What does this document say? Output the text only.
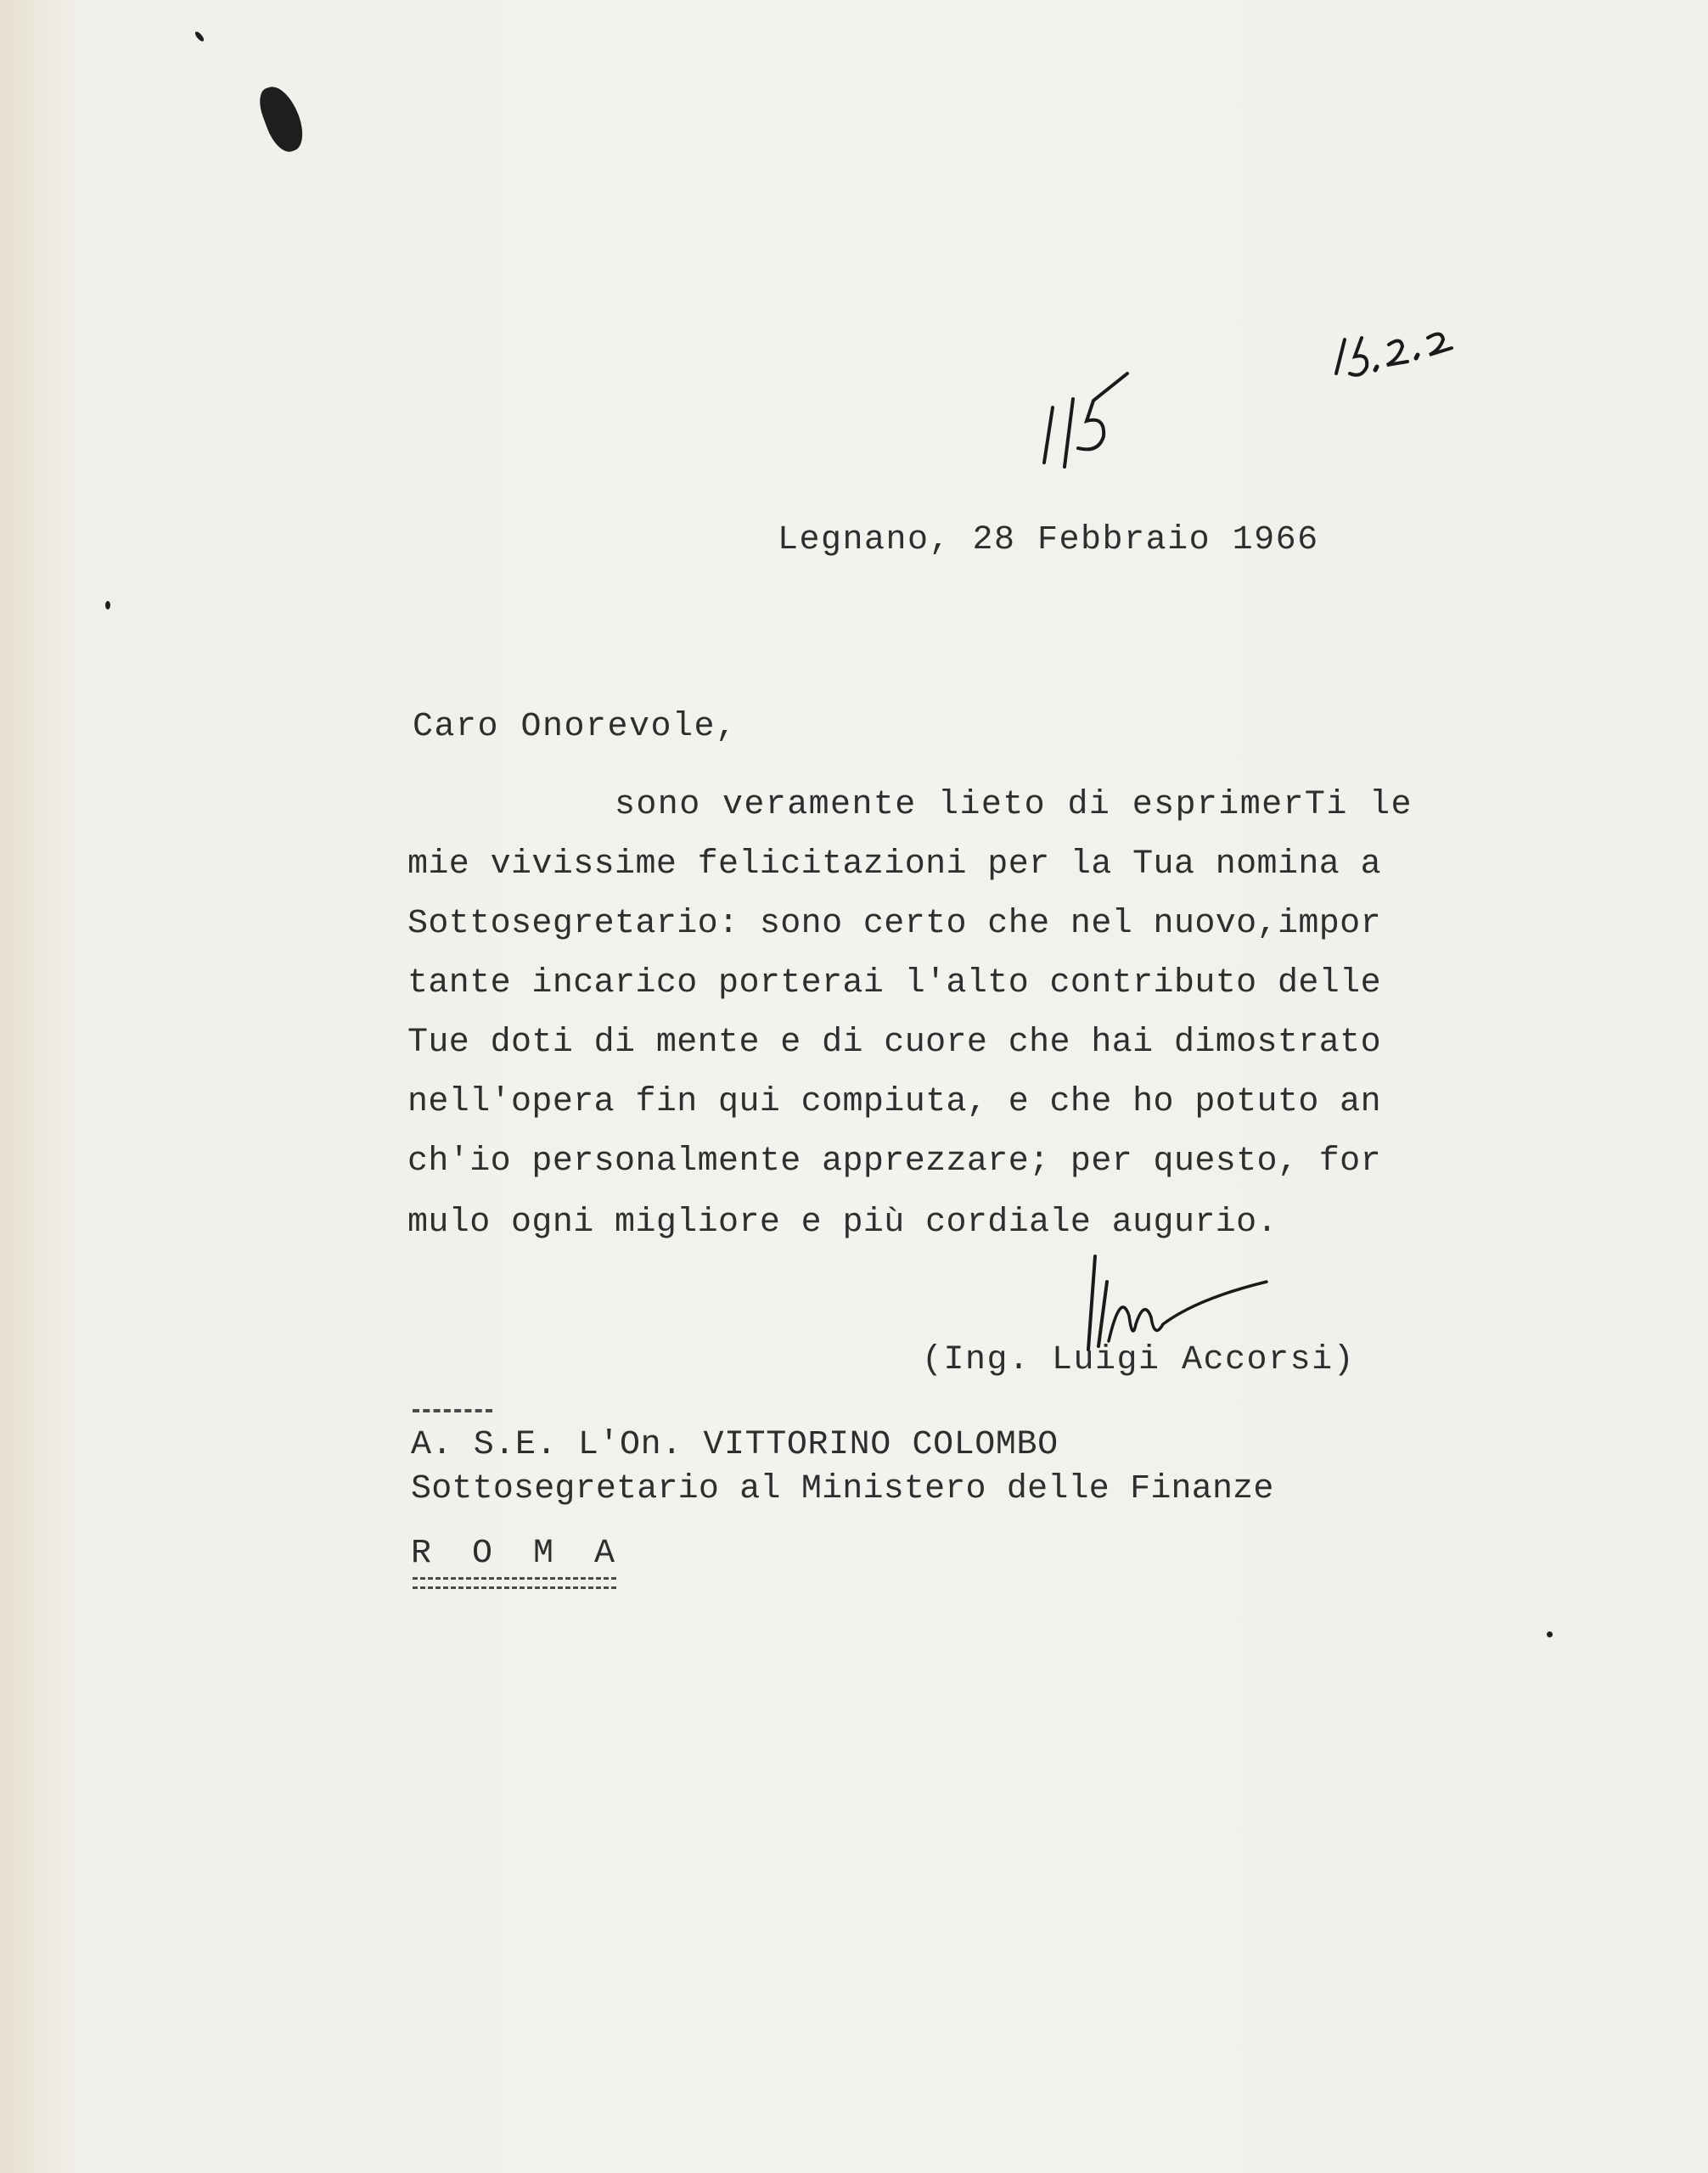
Legnano, 28 Febbraio 1966
Caro Onorevole,
sono veramente lieto di esprimerTi le
mie vivissime felicitazioni per la Tua nomina a
Sottosegretario: sono certo che nel nuovo,impor
tante incarico porterai l'alto contributo delle
Tue doti di mente e di cuore che hai dimostrato
nell'opera fin qui compiuta, e che ho potuto an
ch'io personalmente apprezzare; per questo, for
mulo ogni migliore e più cordiale augurio.
(Ing. Luigi Accorsi)
A. S.E. L'On. VITTORINO COLOMBO
Sottosegretario al Ministero delle Finanze
R O M A
